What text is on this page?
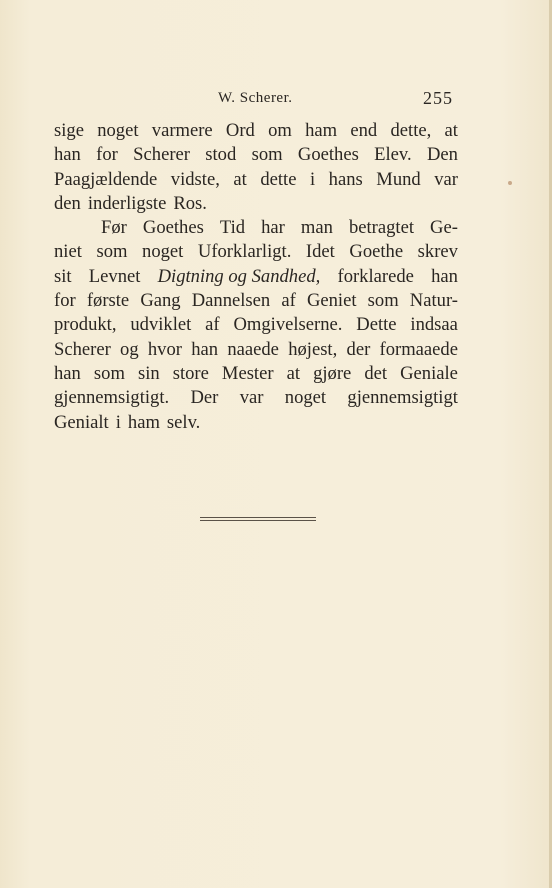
W. Scherer.	255
sige noget varmere Ord om ham end dette, at
han for Scherer stod som Goethes Elev. Den
Paagjældende vidste, at dette i hans Mund var
den inderligste Ros.
Før Goethes Tid har man betragtet Ge-
niet som noget Uforklarligt. Idet Goethe skrev
sit Levnet Digtning og Sandhed, forklarede han
for første Gang Dannelsen af Geniet som Natur-
produkt, udviklet af Omgivelserne. Dette indsaa
Scherer og hvor han naaede højest, der formaaede
han som sin store Mester at gjøre det Geniale
gjennemsigtigt. Der var noget gjennemsigtigt
Genialt i ham selv.
